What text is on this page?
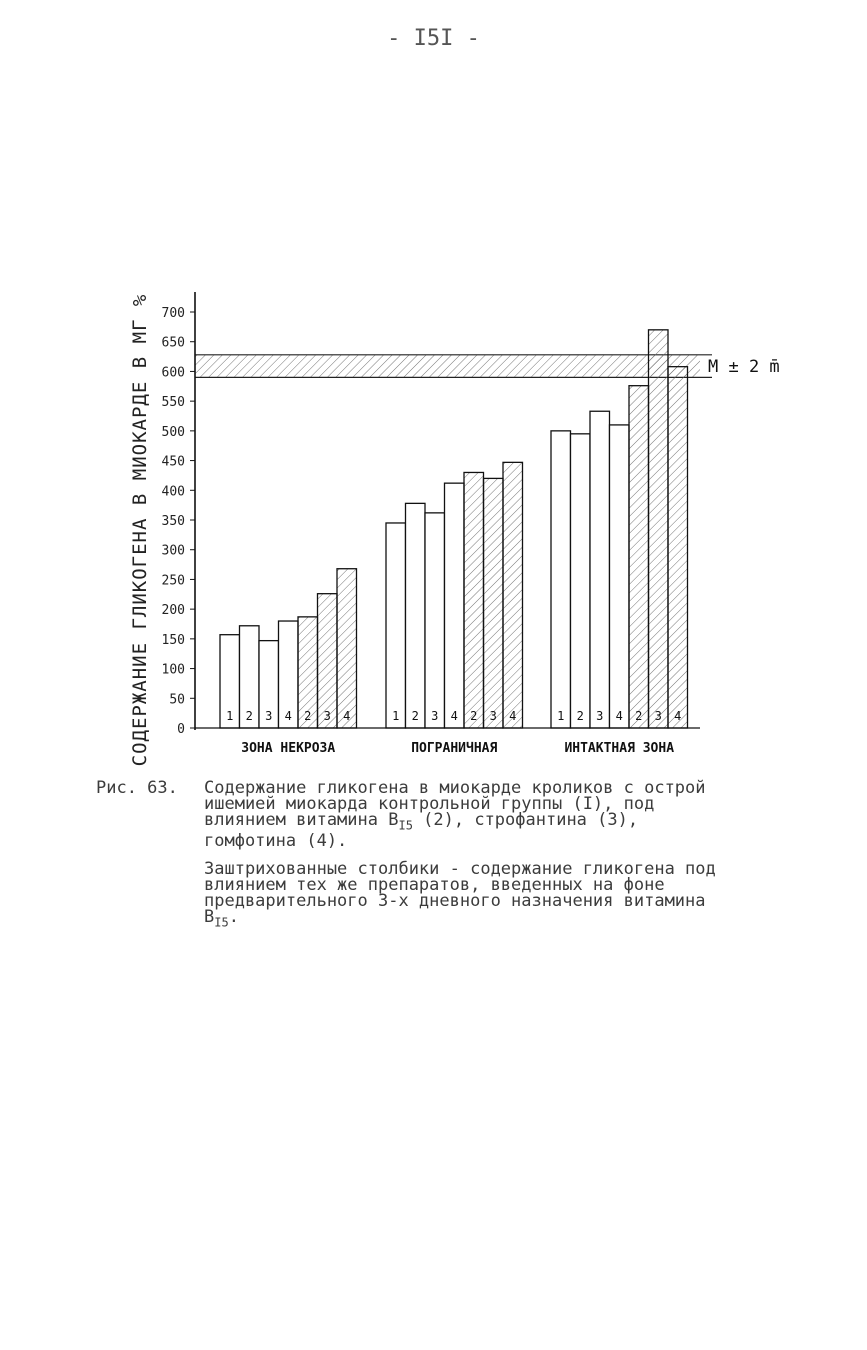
- I5I -
1 2 3 4 2 3 4	1 2 3 4 2 3 4	1 2 3 4 2 3 4
0
50
100
150
200
250
300
350
400
450
500
550
600
650
700
ЗОНА НЕКРОЗА	ПОГРАНИЧНАЯ	ИНТАКТНАЯ ЗОНА
СОДЕРЖАНИЕ ГЛИКОГЕНА В МИОКАРДЕ В МГ %	M ± 2 m̄
Рис. 63.	Содержание гликогена в миокарде кроликов с острой ишемией миокарда контрольной группы (I), под влиянием витамина $B_{I5}$ (2), строфантина (3), гомфотина (4).
Заштрихованные столбики - содержание гликогена под влиянием тех же препаратов, введенных на фоне предварительного 3-х дневного назначения витамина $B_{I5}$.
